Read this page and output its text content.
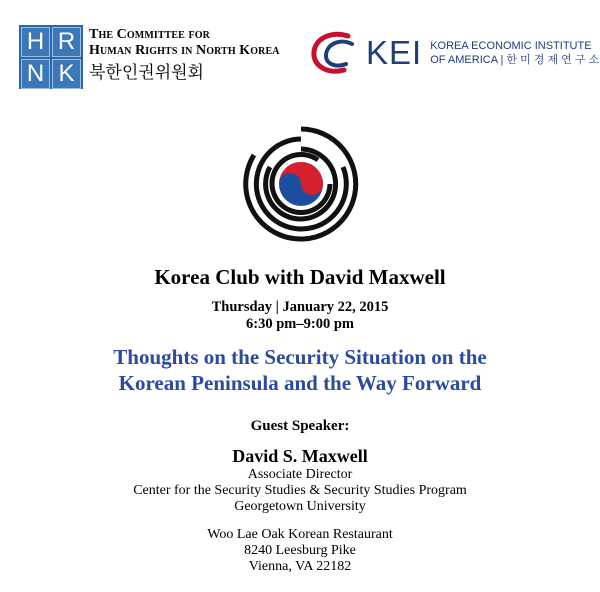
H R
N K
The Committee for
Human Rights in North Korea
북한인권위원회
KEI KOREA ECONOMIC INSTITUTE
OF AMERICA | 한 미 경 제 연 구 소
Korea Club with David Maxwell
Thursday | January 22, 2015
6:30 pm–9:00 pm
Thoughts on the Security Situation on the
Korean Peninsula and the Way Forward
Guest Speaker:
David S. Maxwell
Associate Director
Center for the Security Studies & Security Studies Program
Georgetown University
Woo Lae Oak Korean Restaurant
8240 Leesburg Pike
Vienna, VA 22182
